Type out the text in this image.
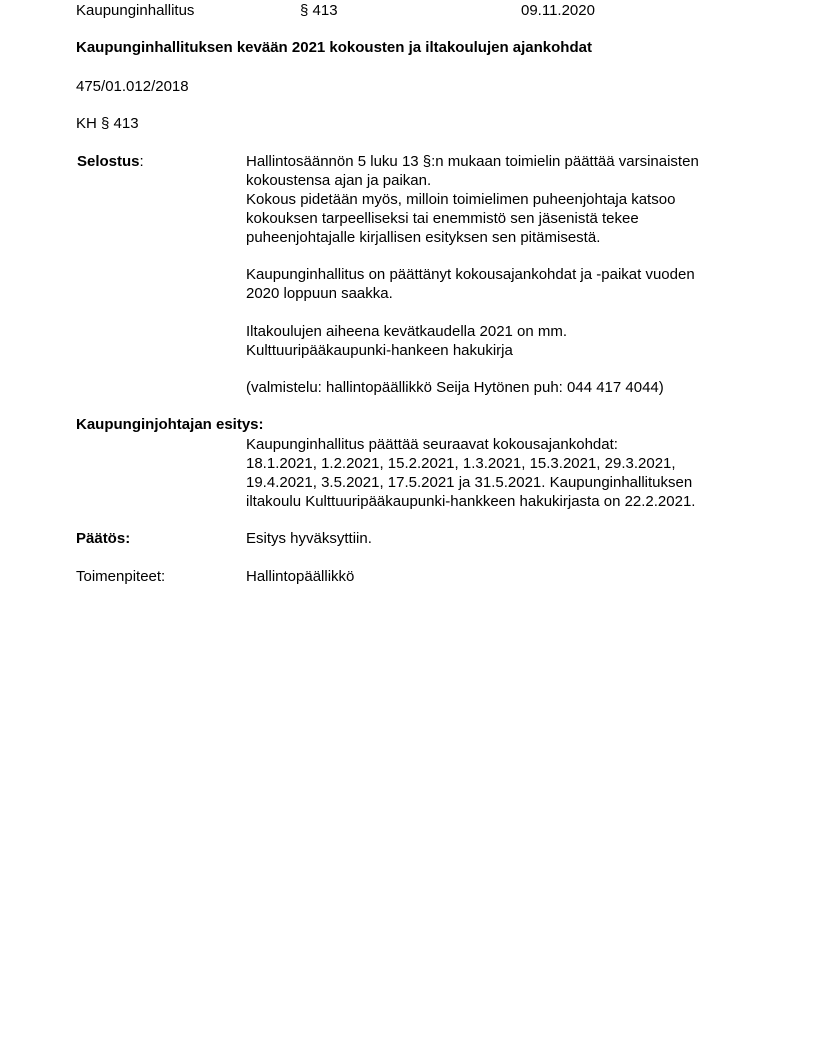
Kaupunginhallitus	§ 413	09.11.2020
Kaupunginhallituksen kevään 2021 kokousten ja iltakoulujen ajankohdat
475/01.012/2018
KH § 413
Selostus:	Hallintosäännön 5 luku 13 §:n mukaan toimielin päättää varsinaisten
kokoustensa ajan ja paikan.
Kokous pidetään myös, milloin toimielimen puheenjohtaja katsoo
kokouksen tarpeelliseksi tai enemmistö sen jäsenistä tekee
puheenjohtajalle kirjallisen esityksen sen pitämisestä.
Kaupunginhallitus on päättänyt kokousajankohdat ja -paikat vuoden
2020 loppuun saakka.
Iltakoulujen aiheena kevätkaudella 2021 on mm.
Kulttuuripääkaupunki-hankeen hakukirja
(valmistelu: hallintopäällikkö Seija Hytönen puh: 044 417 4044)
Kaupunginjohtajan esitys:
Kaupunginhallitus päättää seuraavat kokousajankohdat:
18.1.2021, 1.2.2021, 15.2.2021, 1.3.2021, 15.3.2021, 29.3.2021,
19.4.2021, 3.5.2021, 17.5.2021 ja 31.5.2021. Kaupunginhallituksen
iltakoulu Kulttuuripääkaupunki-hankkeen hakukirjasta on 22.2.2021.
Päätös:	Esitys hyväksyttiin.
Toimenpiteet:	Hallintopäällikkö
